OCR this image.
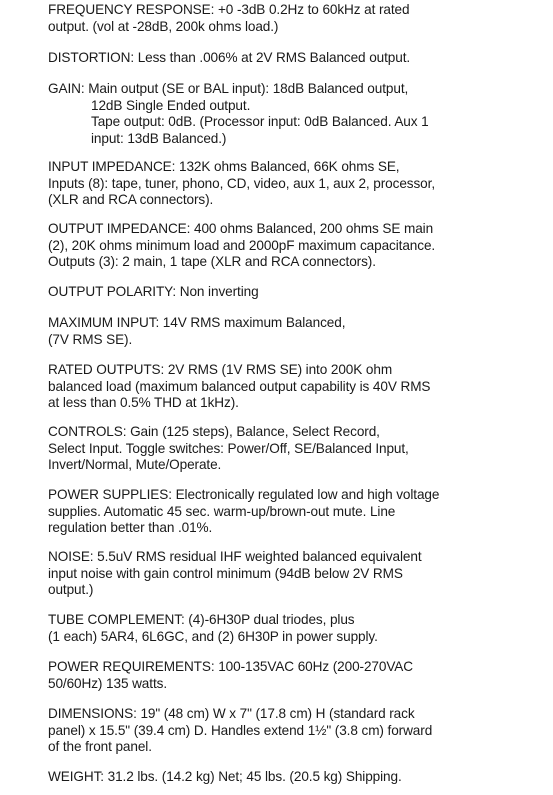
FREQUENCY RESPONSE: +0 -3dB 0.2Hz to 60kHz at rated
output. (vol at -28dB, 200k ohms load.)
DISTORTION: Less than .006% at 2V RMS Balanced output.
GAIN: Main output (SE or BAL input): 18dB Balanced output,
12dB Single Ended output.
Tape output: 0dB. (Processor input: 0dB Balanced. Aux 1
input: 13dB Balanced.)
INPUT IMPEDANCE: 132K ohms Balanced, 66K ohms SE,
Inputs (8): tape, tuner, phono, CD, video, aux 1, aux 2, processor,
(XLR and RCA connectors).
OUTPUT IMPEDANCE: 400 ohms Balanced, 200 ohms SE main
(2), 20K ohms minimum load and 2000pF maximum capacitance.
Outputs (3): 2 main, 1 tape (XLR and RCA connectors).
OUTPUT POLARITY: Non inverting
MAXIMUM INPUT: 14V RMS maximum Balanced,
(7V RMS SE).
RATED OUTPUTS: 2V RMS (1V RMS SE) into 200K ohm
balanced load (maximum balanced output capability is 40V RMS
at less than 0.5% THD at 1kHz).
CONTROLS: Gain (125 steps), Balance, Select Record,
Select Input. Toggle switches: Power/Off, SE/Balanced Input,
Invert/Normal, Mute/Operate.
POWER SUPPLIES: Electronically regulated low and high voltage
supplies. Automatic 45 sec. warm-up/brown-out mute. Line
regulation better than .01%.
NOISE: 5.5uV RMS residual IHF weighted balanced equivalent
input noise with gain control minimum (94dB below 2V RMS
output.)
TUBE COMPLEMENT: (4)-6H30P dual triodes, plus
(1 each) 5AR4, 6L6GC, and (2) 6H30P in power supply.
POWER REQUIREMENTS: 100-135VAC 60Hz (200-270VAC
50/60Hz) 135 watts.
DIMENSIONS: 19" (48 cm) W x 7" (17.8 cm) H (standard rack
panel) x 15.5" (39.4 cm) D. Handles extend 1½" (3.8 cm) forward
of the front panel.
WEIGHT: 31.2 lbs. (14.2 kg) Net; 45 lbs. (20.5 kg) Shipping.
